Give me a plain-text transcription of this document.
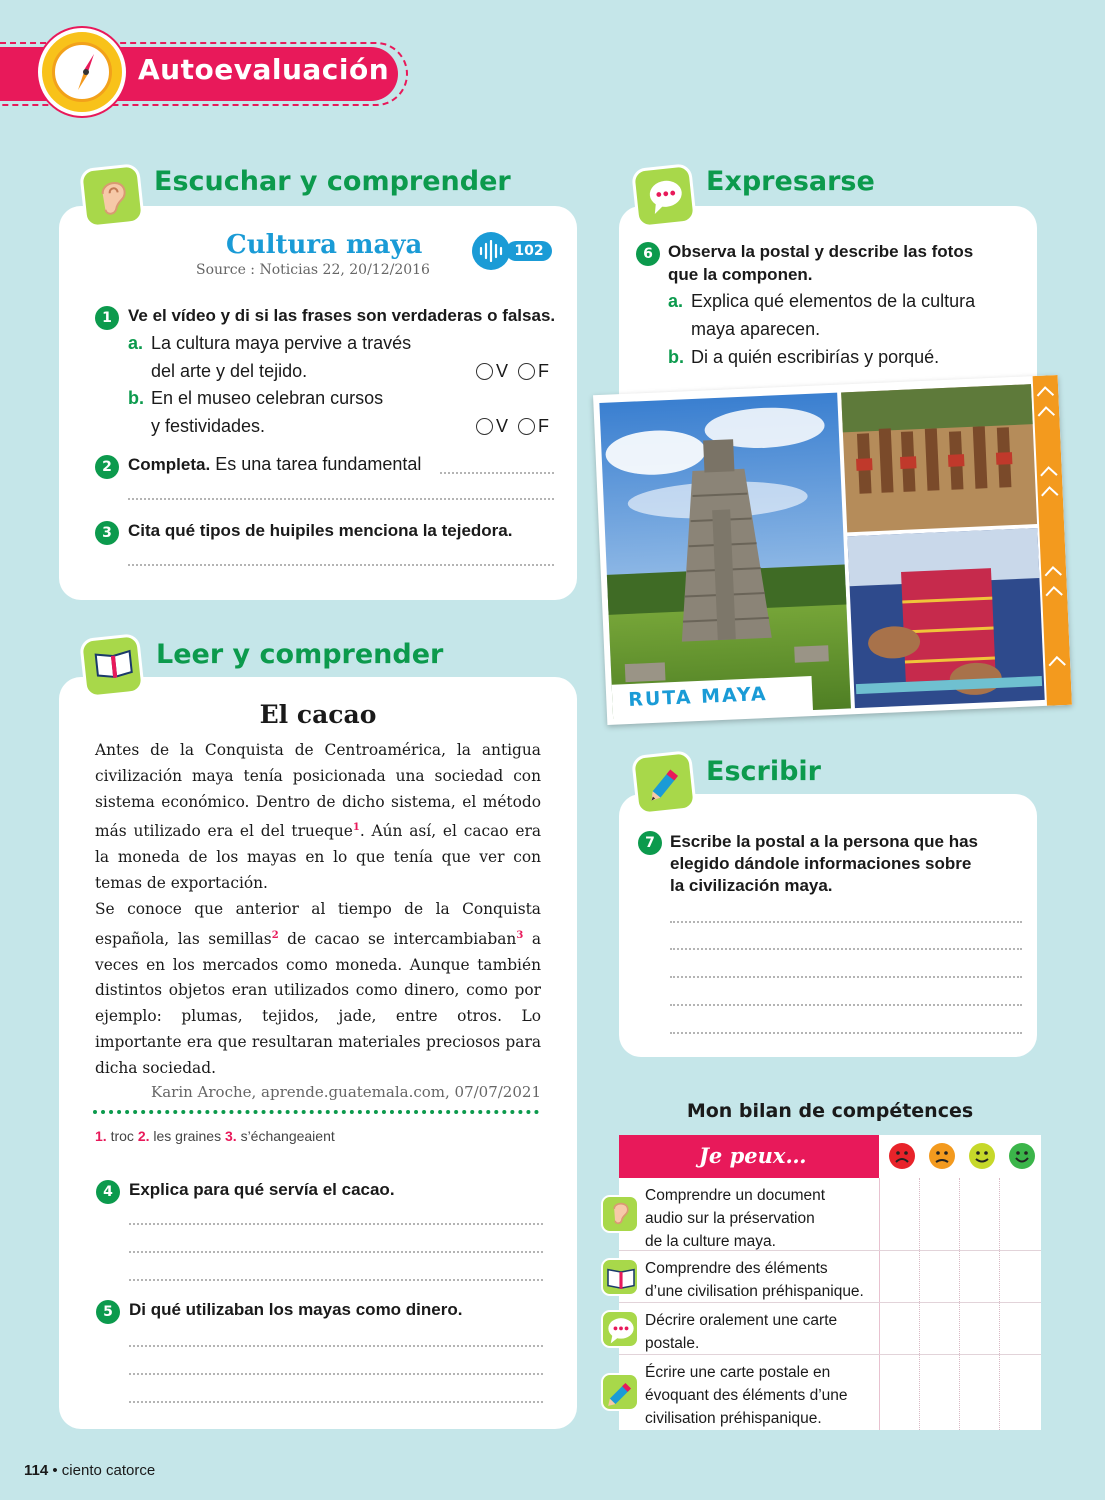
Autoevaluación
Escuchar y comprender
Cultura maya
Source : Noticias 22, 20/12/2016
102
1 Ve el vídeo y di si las frases son verdaderas o falsas.
a. La cultura maya pervive a través
del arte y del tejido.	V F
b. En el museo celebran cursos
y festividades.	V F
2 Completa. Es una tarea fundamental
3 Cita qué tipos de huipiles menciona la tejedora.
Expresarse
6 Observa la postal y describe las fotos
que la componen.
a. Explica qué elementos de la cultura
maya aparecen.
b. Di a quién escribirías y porqué.
RUTA MAYA
Leer y comprender
El cacao

Antes de la Conquista de Centroamérica, la antigua civilización maya tenía posicionada una sociedad con sistema económico. Dentro de dicho sistema, el método más utilizado era el del trueque$^1$. Aún así, el cacao era la moneda de los mayas en lo que tenía que ver con temas de exportación.

Se conoce que anterior al tiempo de la Conquista española, las semillas$^2$ de cacao se intercambiaban$^3$ a veces en los mercados como moneda. Aunque también distintos objetos eran utilizados como dinero, como por ejemplo: plumas, tejidos, jade, entre otros. Lo importante era que resultaran materiales preciosos para dicha sociedad.

Karin Aroche, aprende.guatemala.com, 07/07/2021
1. troc 2. les graines 3. s’échangeaient
4 Explica para qué servía el cacao.
5 Di qué utilizaban los mayas como dinero.
Escribir
7 Escribe la postal a la persona que has
elegido dándole informaciones sobre
la civilización maya.
Mon bilan de compétences
Je peux…
Comprendre un document
audio sur la préservation
de la culture maya.
Comprendre des éléments
d’une civilisation préhispanique.
Décrire oralement une carte
postale.
Écrire une carte postale en
évoquant des éléments d’une
civilisation préhispanique.
114 • ciento catorce
